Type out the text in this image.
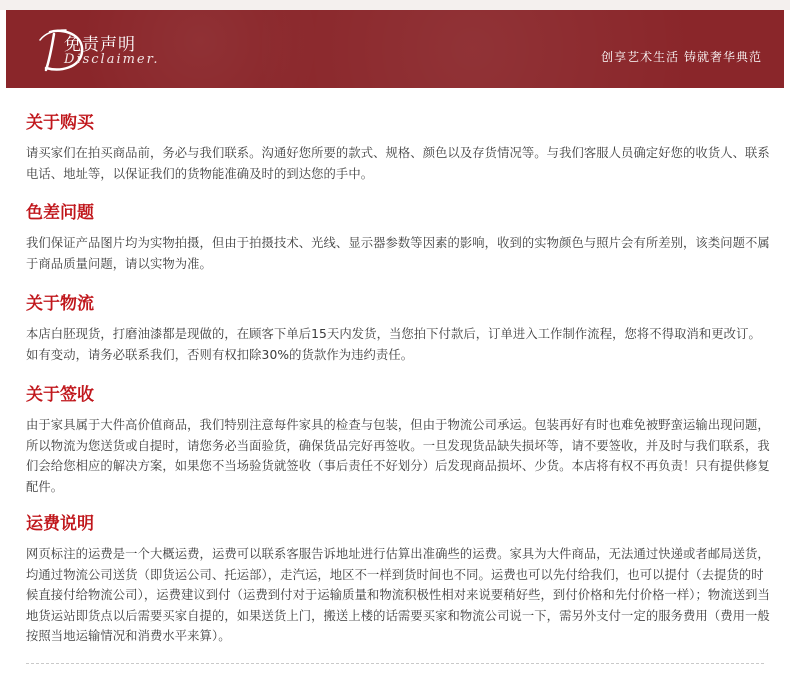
免责声明
Disclaimer.	创享艺术生活 铸就奢华典范
关于购买

请买家们在拍买商品前，务必与我们联系。沟通好您所要的款式、规格、颜色以及存货情况等。与我们客服人员确定好您的收货人、联系电话、地址等，以保证我们的货物能准确及时的到达您的手中。

色差问题

我们保证产品图片均为实物拍摄，但由于拍摄技术、光线、显示器参数等因素的影响，收到的实物颜色与照片会有所差别，该类问题不属于商品质量问题，请以实物为准。

关于物流

本店白胚现货，打磨油漆都是现做的，在顾客下单后15天内发货，当您拍下付款后，订单进入工作制作流程，您将不得取消和更改订。如有变动，请务必联系我们，否则有权扣除30%的货款作为违约责任。

关于签收

由于家具属于大件高价值商品，我们特别注意每件家具的检查与包装，但由于物流公司承运。包装再好有时也难免被野蛮运输出现问题，所以物流为您送货或自提时，请您务必当面验货，确保货品完好再签收。一旦发现货品缺失损坏等，请不要签收，并及时与我们联系，我们会给您相应的解决方案，如果您不当场验货就签收（事后责任不好划分）后发现商品损坏、少货。本店将有权不再负责！只有提供修复配件。

运费说明

网页标注的运费是一个大概运费，运费可以联系客服告诉地址进行估算出准确些的运费。家具为大件商品，无法通过快递或者邮局送货，均通过物流公司送货（即货运公司、托运部），走汽运，地区不一样到货时间也不同。运费也可以先付给我们，也可以提付（去提货的时候直接付给物流公司），运费建议到付（运费到付对于运输质量和物流积极性相对来说要稍好些，到付价格和先付价格一样）；物流送到当地货运站即货点以后需要买家自提的，如果送货上门，搬送上楼的话需要买家和物流公司说一下，需另外支付一定的服务费用（费用一般按照当地运输情况和消费水平来算）。
